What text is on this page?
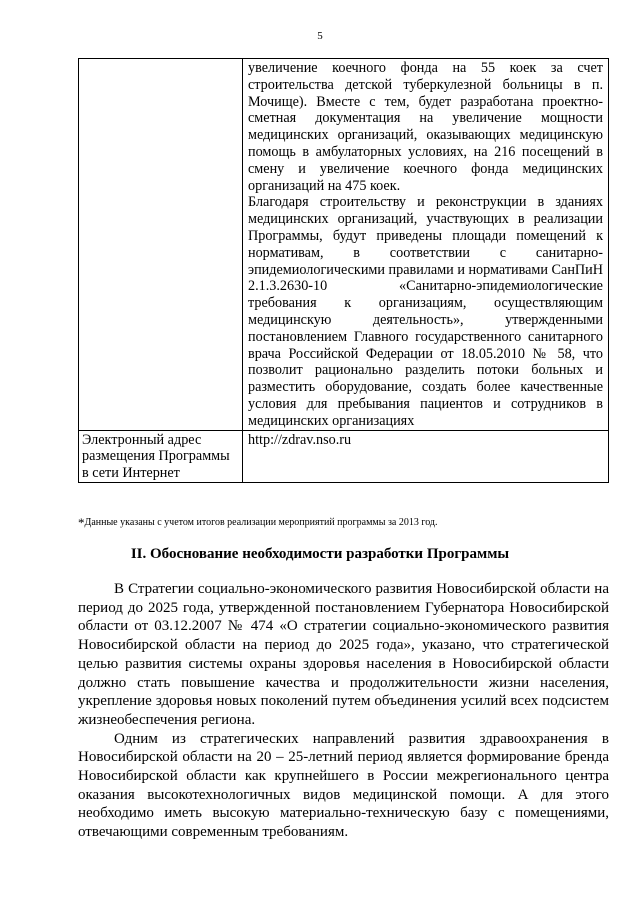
5

	увеличение коечного фонда на 55 коек за счет строительства детской туберкулезной больницы в п. Мочище). Вместе с тем, будет разработана проектно-сметная документация на увеличение мощности медицинских организаций, оказывающих медицинскую помощь в амбулаторных условиях, на 216 посещений в смену и увеличение коечного фонда медицинских организаций на 475 коек.

Благодаря строительству и реконструкции в зданиях медицинских организаций, участвующих в реализации Программы, будут приведены площади помещений к нормативам, в соответствии с санитарно-эпидемиологическими правилами и нормативами СанПиН 2.1.3.2630-10 «Санитарно-эпидемиологические требования к организациям, осуществляющим медицинскую деятельность», утвержденными постановлением Главного государственного санитарного врача Российской Федерации от 18.05.2010 № 58, что позволит рационально разделить потоки больных и разместить оборудование, создать более качественные условия для пребывания пациентов и сотрудников в медицинских организациях

Электронный адрес размещения Программы в сети Интернет	http://zdrav.nso.ru
*Данные указаны с учетом итогов реализации мероприятий программы за 2013 год.
II. Обоснование необходимости разработки Программы

В Стратегии социально-экономического развития Новосибирской области на период до 2025 года, утвержденной постановлением Губернатора Новосибирской области от 03.12.2007 № 474 «О стратегии социально-экономического развития Новосибирской области на период до 2025 года», указано, что стратегической целью развития системы охраны здоровья населения в Новосибирской области должно стать повышение качества и продолжительности жизни населения, укрепление здоровья новых поколений путем объединения усилий всех подсистем жизнеобеспечения региона.

Одним из стратегических направлений развития здравоохранения в Новосибирской области на 20 – 25-летний период является формирование бренда Новосибирской области как крупнейшего в России межрегионального центра оказания высокотехнологичных видов медицинской помощи. А для этого необходимо иметь высокую материально-техническую базу с помещениями, отвечающими современным требованиям.
